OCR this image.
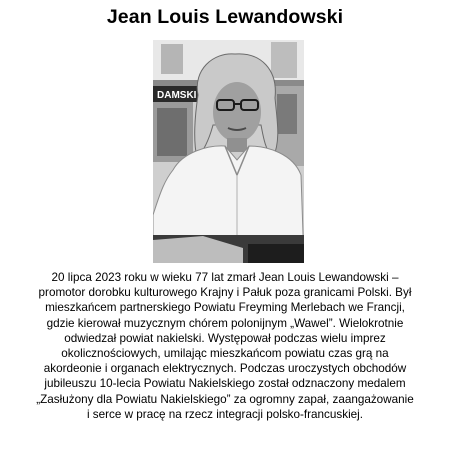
Jean Louis Lewandowski
DAMSKI
20 lipca 2023 roku w wieku 77 lat zmarł Jean Louis Lewandowski –
promotor dorobku kulturowego Krajny i Pałuk poza granicami Polski. Był
mieszkańcem partnerskiego Powiatu Freyming Merlebach we Francji,
gdzie kierował muzycznym chórem polonijnym „Wawel”. Wielokrotnie
odwiedzał powiat nakielski. Występował podczas wielu imprez
okolicznościowych, umilając mieszkańcom powiatu czas grą na
akordeonie i organach elektrycznych. Podczas uroczystych obchodów
jubileuszu 10-lecia Powiatu Nakielskiego został odznaczony medalem
„Zasłużony dla Powiatu Nakielskiego” za ogromny zapał, zaangażowanie
i serce w pracę na rzecz integracji polsko-francuskiej.
